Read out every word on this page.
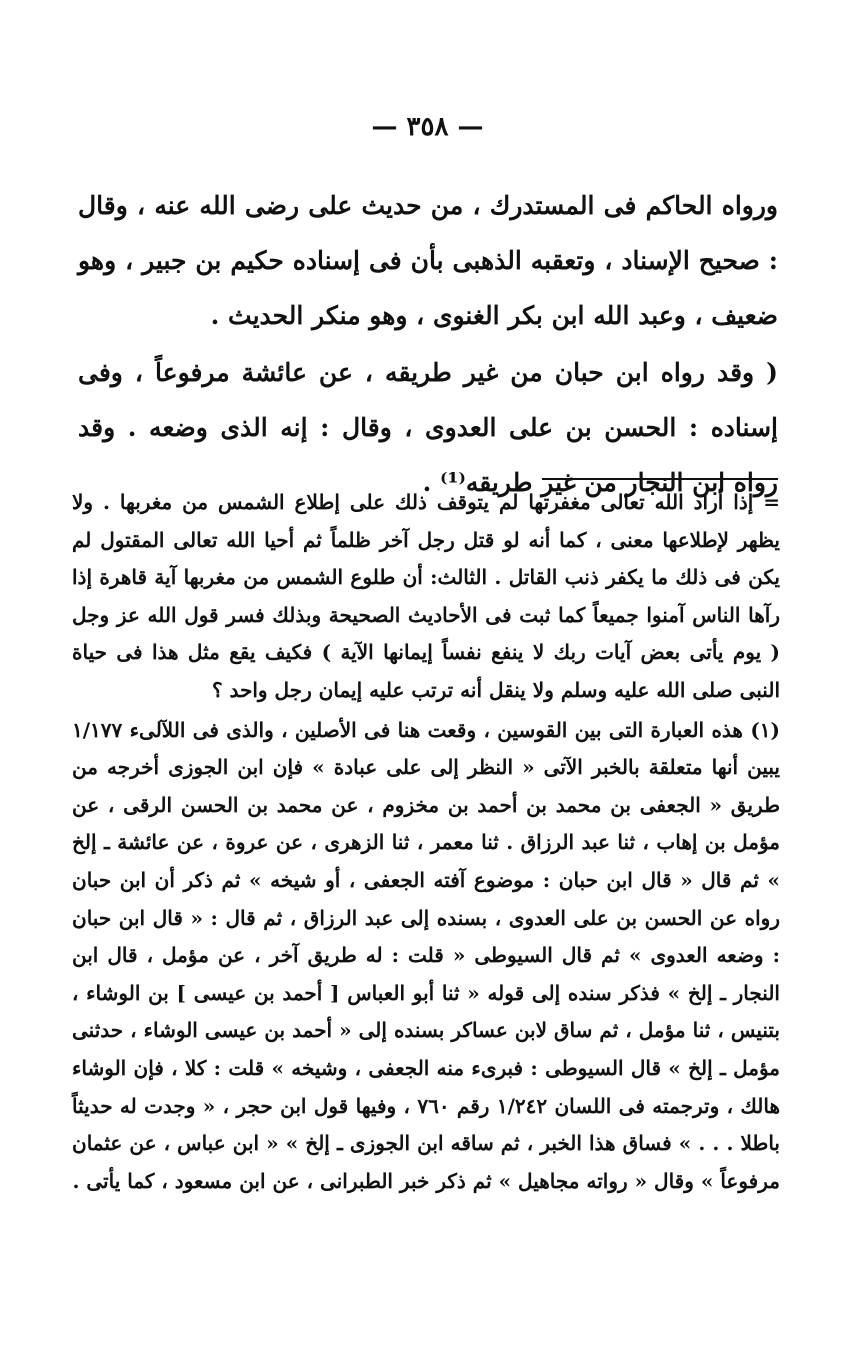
— ٣٥٨ —

ورواه الحاكم فى المستدرك ، من حديث على رضى الله عنه ، وقال : صحيح الإسناد ، وتعقبه الذهبى بأن فى إسناده حكيم بن جبير ، وهو ضعيف ، وعبد الله ابن بكر الغنوى ، وهو منكر الحديث .

( وقد رواه ابن حبان من غير طريقه ، عن عائشة مرفوعاً ، وفى إسناده : الحسن بن على العدوى ، وقال : إنه الذى وضعه . وقد رواه ابن النجار من غير طريقه⁽¹⁾ .

= إذا أراد الله تعالى مغفرتها لم يتوقف ذلك على إطلاع الشمس من مغربها . ولا يظهر لإطلاعها معنى ، كما أنه لو قتل رجل آخر ظلماً ثم أحيا الله تعالى المقتول لم يكن فى ذلك ما يكفر ذنب القاتل . الثالث: أن طلوع الشمس من مغربها آية قاهرة إذا رآها الناس آمنوا جميعاً كما ثبت فى الأحاديث الصحيحة وبذلك فسر قول الله عز وجل ( يوم يأتى بعض آيات ربك لا ينفع نفساً إيمانها الآية ) فكيف يقع مثل هذا فى حياة النبى صلى الله عليه وسلم ولا ينقل أنه ترتب عليه إيمان رجل واحد ؟

(١) هذه العبارة التى بين القوسين ، وقعت هنا فى الأصلين ، والذى فى اللآلىء ١/١٧٧ يبين أنها متعلقة بالخبر الآتى « النظر إلى على عبادة » فإن ابن الجوزى أخرجه من طريق « الجعفى بن محمد بن أحمد بن مخزوم ، عن محمد بن الحسن الرقى ، عن مؤمل بن إهاب ، ثنا عبد الرزاق . ثنا معمر ، ثنا الزهرى ، عن عروة ، عن عائشة ـ إلخ » ثم قال « قال ابن حبان : موضوع آفته الجعفى ، أو شيخه » ثم ذكر أن ابن حبان رواه عن الحسن بن على العدوى ، بسنده إلى عبد الرزاق ، ثم قال : « قال ابن حبان : وضعه العدوى » ثم قال السيوطى « قلت : له طريق آخر ، عن مؤمل ، قال ابن النجار ـ إلخ » فذكر سنده إلى قوله « ثنا أبو العباس [ أحمد بن عيسى ] بن الوشاء ، بتنيس ، ثنا مؤمل ، ثم ساق لابن عساكر بسنده إلى « أحمد بن عيسى الوشاء ، حدثنى مؤمل ـ إلخ » قال السيوطى : فبرىء منه الجعفى ، وشيخه » قلت : كلا ، فإن الوشاء هالك ، وترجمته فى اللسان ١/٢٤٢ رقم ٧٦٠ ، وفيها قول ابن حجر ، « وجدت له حديثاً باطلا . . . » فساق هذا الخبر ، ثم ساقه ابن الجوزى ـ إلخ » « ابن عباس ، عن عثمان مرفوعاً » وقال « رواته مجاهيل » ثم ذكر خبر الطبرانى ، عن ابن مسعود ، كما يأتى .
